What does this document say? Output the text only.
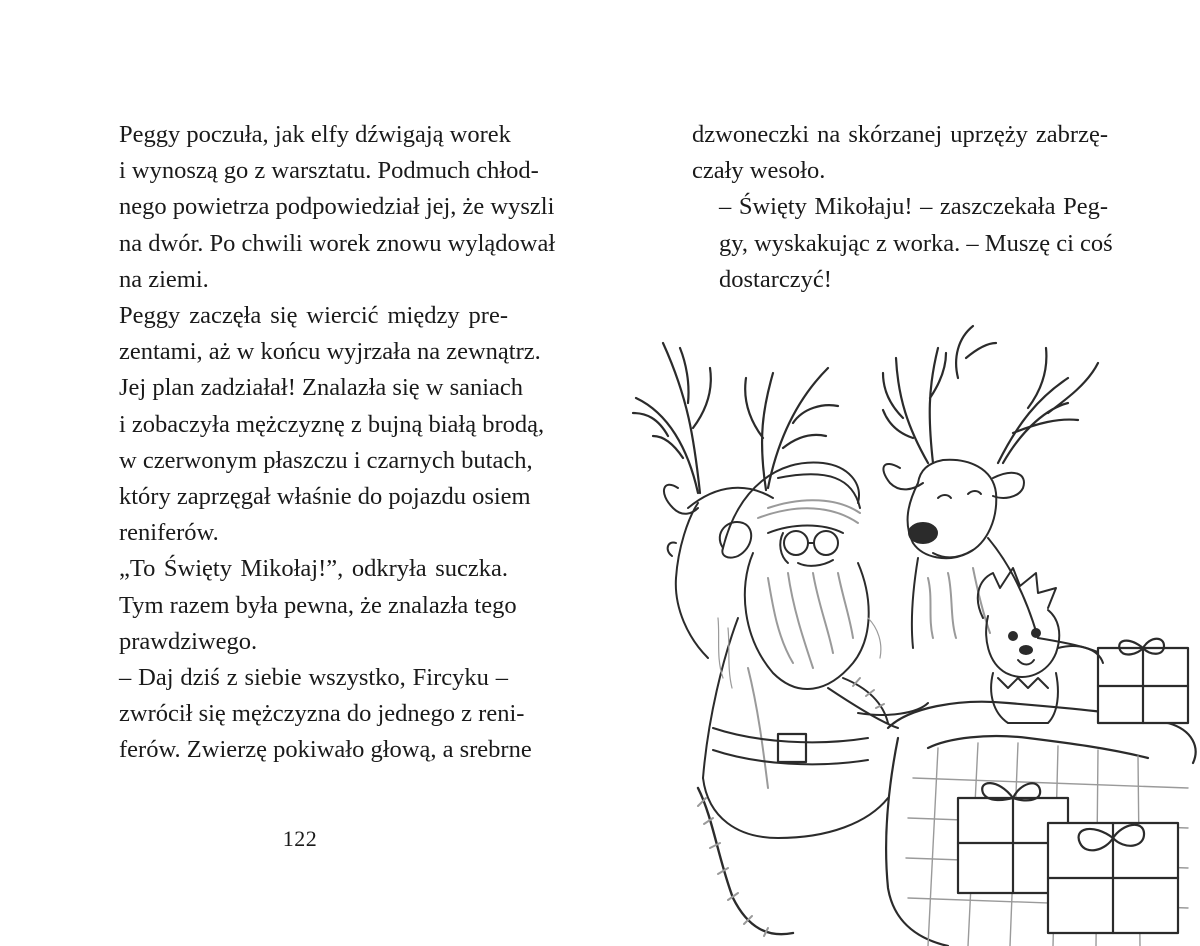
Peggy poczuła, jak elfy dźwigają worek
i wynoszą go z warsztatu. Podmuch chłod-
nego powietrza podpowiedział jej, że wyszli
na dwór. Po chwili worek znowu wylądował
na ziemi.

Peggy zaczęła się wiercić między pre-
zentami, aż w końcu wyjrzała na zewnątrz.
Jej plan zadziałał! Znalazła się w saniach
i zobaczyła mężczyznę z bujną białą brodą,
w czerwonym płaszczu i czarnych butach,
który zaprzęgał właśnie do pojazdu osiem
reniferów.

„To Święty Mikołaj!”, odkryła suczka.
Tym razem była pewna, że znalazła tego
prawdziwego.

– Daj dziś z siebie wszystko, Fircyku –
zwrócił się mężczyzna do jednego z reni-
ferów. Zwierzę pokiwało głową, a srebrne

122

dzwoneczki na skórzanej uprzęży zabrzę-
czały wesoło.

– Święty Mikołaju! – zaszczekała Peg-
gy, wyskakując z worka. – Muszę ci coś
dostarczyć!
